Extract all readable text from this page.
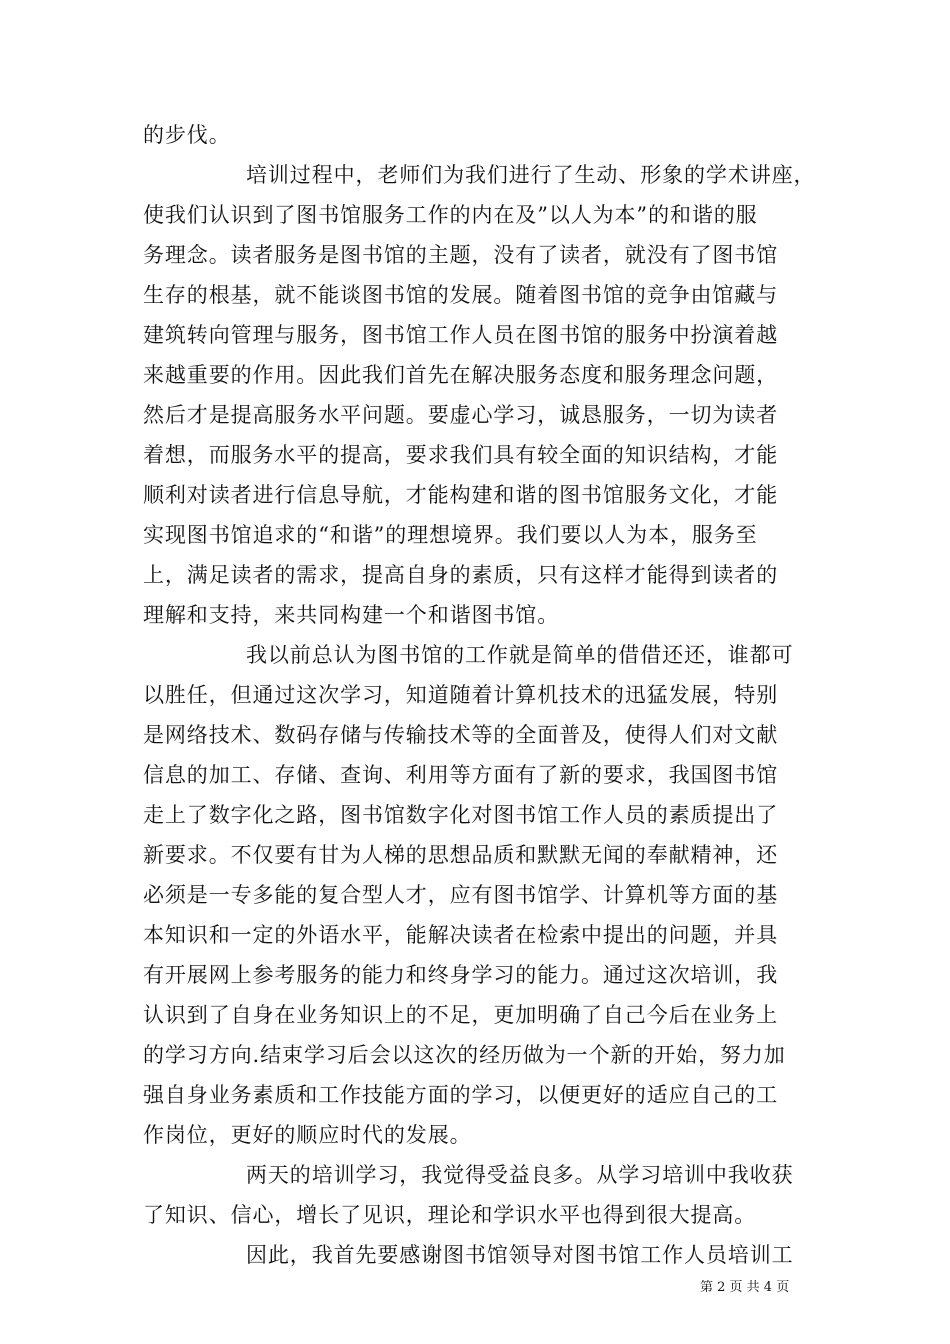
的步伐。
培训过程中，老师们为我们进行了生动、形象的学术讲座，
使我们认识到了图书馆服务工作的内在及”以人为本”的和谐的服
务理念。读者服务是图书馆的主题，没有了读者，就没有了图书馆
生存的根基，就不能谈图书馆的发展。随着图书馆的竞争由馆藏与
建筑转向管理与服务，图书馆工作人员在图书馆的服务中扮演着越
来越重要的作用。因此我们首先在解决服务态度和服务理念问题，
然后才是提高服务水平问题。要虚心学习，诚恳服务，一切为读者
着想，而服务水平的提高，要求我们具有较全面的知识结构，才能
顺利对读者进行信息导航，才能构建和谐的图书馆服务文化，才能
实现图书馆追求的“和谐”的理想境界。我们要以人为本，服务至
上，满足读者的需求，提高自身的素质，只有这样才能得到读者的
理解和支持，来共同构建一个和谐图书馆。
我以前总认为图书馆的工作就是简单的借借还还，谁都可
以胜任，但通过这次学习，知道随着计算机技术的迅猛发展，特别
是网络技术、数码存储与传输技术等的全面普及，使得人们对文献
信息的加工、存储、查询、利用等方面有了新的要求，我国图书馆
走上了数字化之路，图书馆数字化对图书馆工作人员的素质提出了
新要求。不仅要有甘为人梯的思想品质和默默无闻的奉献精神，还
必须是一专多能的复合型人才，应有图书馆学、计算机等方面的基
本知识和一定的外语水平，能解决读者在检索中提出的问题，并具
有开展网上参考服务的能力和终身学习的能力。通过这次培训，我
认识到了自身在业务知识上的不足，更加明确了自己今后在业务上
的学习方向.结束学习后会以这次的经历做为一个新的开始，努力加
强自身业务素质和工作技能方面的学习，以便更好的适应自己的工
作岗位，更好的顺应时代的发展。
两天的培训学习，我觉得受益良多。从学习培训中我收获
了知识、信心，增长了见识，理论和学识水平也得到很大提高。
因此，我首先要感谢图书馆领导对图书馆工作人员培训工
第 2 页 共 4 页
